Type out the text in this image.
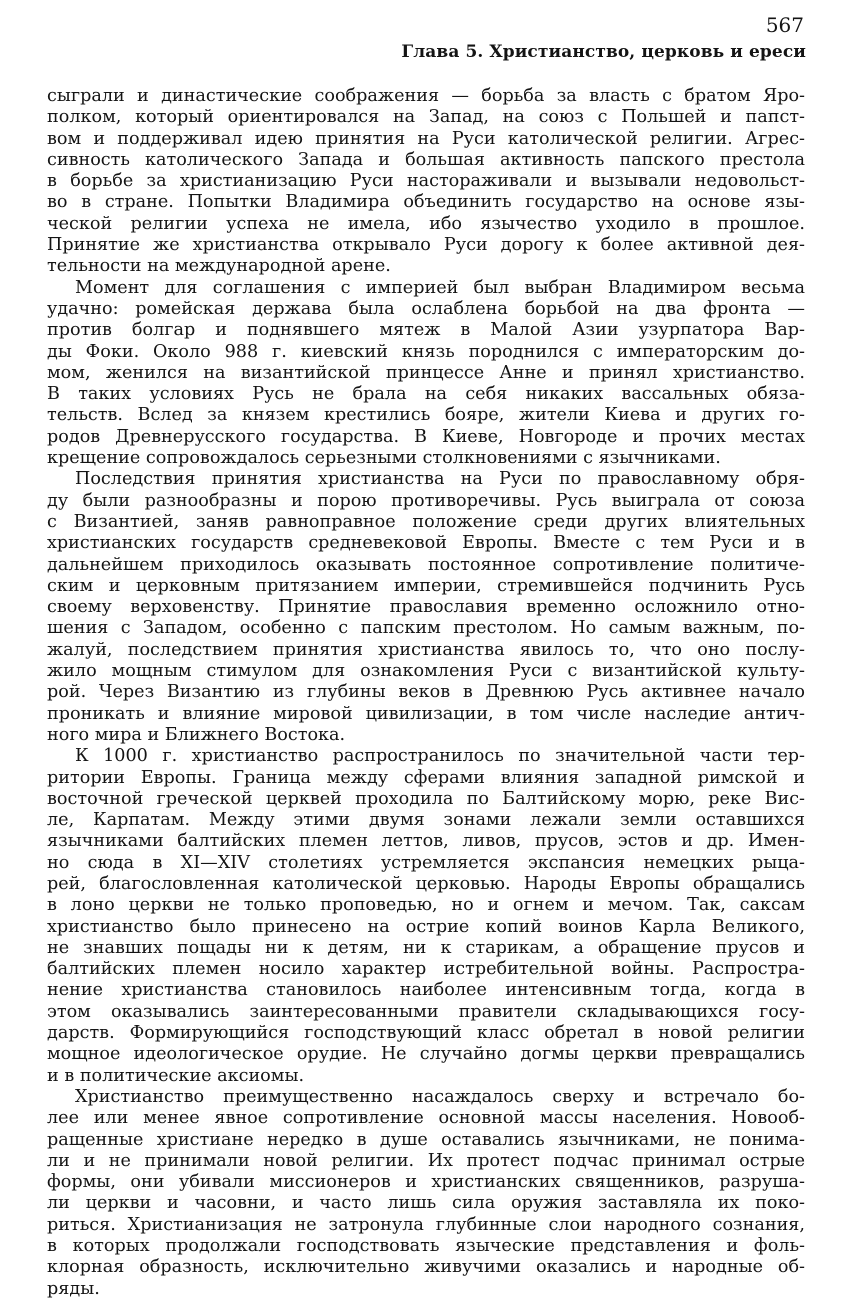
567
Глава 5. Христианство, церковь и ереси
сыграли и династические соображения — борьба за власть с братом Яро-
полком, который ориентировался на Запад, на союз с Польшей и папст-
вом и поддерживал идею принятия на Руси католической религии. Агрес-
сивность католического Запада и большая активность папского престола
в борьбе за христианизацию Руси настораживали и вызывали недовольст-
во в стране. Попытки Владимира объединить государство на основе язы-
ческой религии успеха не имела, ибо язычество уходило в прошлое.
Принятие же христианства открывало Руси дорогу к более активной дея-
тельности на международной арене.
Момент для соглашения с империей был выбран Владимиром весьма
удачно: ромейская держава была ослаблена борьбой на два фронта —
против болгар и поднявшего мятеж в Малой Азии узурпатора Вар-
ды Фоки. Около 988 г. киевский князь породнился с императорским до-
мом, женился на византийской принцессе Анне и принял христианство.
В таких условиях Русь не брала на себя никаких вассальных обяза-
тельств. Вслед за князем крестились бояре, жители Киева и других го-
родов Древнерусского государства. В Киеве, Новгороде и прочих местах
крещение сопровождалось серьезными столкновениями с язычниками.
Последствия принятия христианства на Руси по православному обря-
ду были разнообразны и порою противоречивы. Русь выиграла от союза
с Византией, заняв равноправное положение среди других влиятельных
христианских государств средневековой Европы. Вместе с тем Руси и в
дальнейшем приходилось оказывать постоянное сопротивление политиче-
ским и церковным притязанием империи, стремившейся подчинить Русь
своему верховенству. Принятие православия временно осложнило отно-
шения с Западом, особенно с папским престолом. Но самым важным, по-
жалуй, последствием принятия христианства явилось то, что оно послу-
жило мощным стимулом для ознакомления Руси с византийской культу-
рой. Через Византию из глубины веков в Древнюю Русь активнее начало
проникать и влияние мировой цивилизации, в том числе наследие антич-
ного мира и Ближнего Востока.
К 1000 г. христианство распространилось по значительной части тер-
ритории Европы. Граница между сферами влияния западной римской и
восточной греческой церквей проходила по Балтийскому морю, реке Вис-
ле, Карпатам. Между этими двумя зонами лежали земли оставшихся
язычниками балтийских племен леттов, ливов, прусов, эстов и др. Имен-
но сюда в XI—XIV столетиях устремляется экспансия немецких рыца-
рей, благословленная католической церковью. Народы Европы обращались
в лоно церкви не только проповедью, но и огнем и мечом. Так, саксам
христианство было принесено на острие копий воинов Карла Великого,
не знавших пощады ни к детям, ни к старикам, а обращение прусов и
балтийских племен носило характер истребительной войны. Распростра-
нение христианства становилось наиболее интенсивным тогда, когда в
этом оказывались заинтересованными правители складывающихся госу-
дарств. Формирующийся господствующий класс обретал в новой религии
мощное идеологическое орудие. Не случайно догмы церкви превращались
и в политические аксиомы.
Христианство преимущественно насаждалось сверху и встречало бо-
лее или менее явное сопротивление основной массы населения. Новооб-
ращенные христиане нередко в душе оставались язычниками, не понима-
ли и не принимали новой религии. Их протест подчас принимал острые
формы, они убивали миссионеров и христианских священников, разруша-
ли церкви и часовни, и часто лишь сила оружия заставляла их поко-
риться. Христианизация не затронула глубинные слои народного сознания,
в которых продолжали господствовать языческие представления и фоль-
клорная образность, исключительно живучими оказались и народные об-
ряды.
